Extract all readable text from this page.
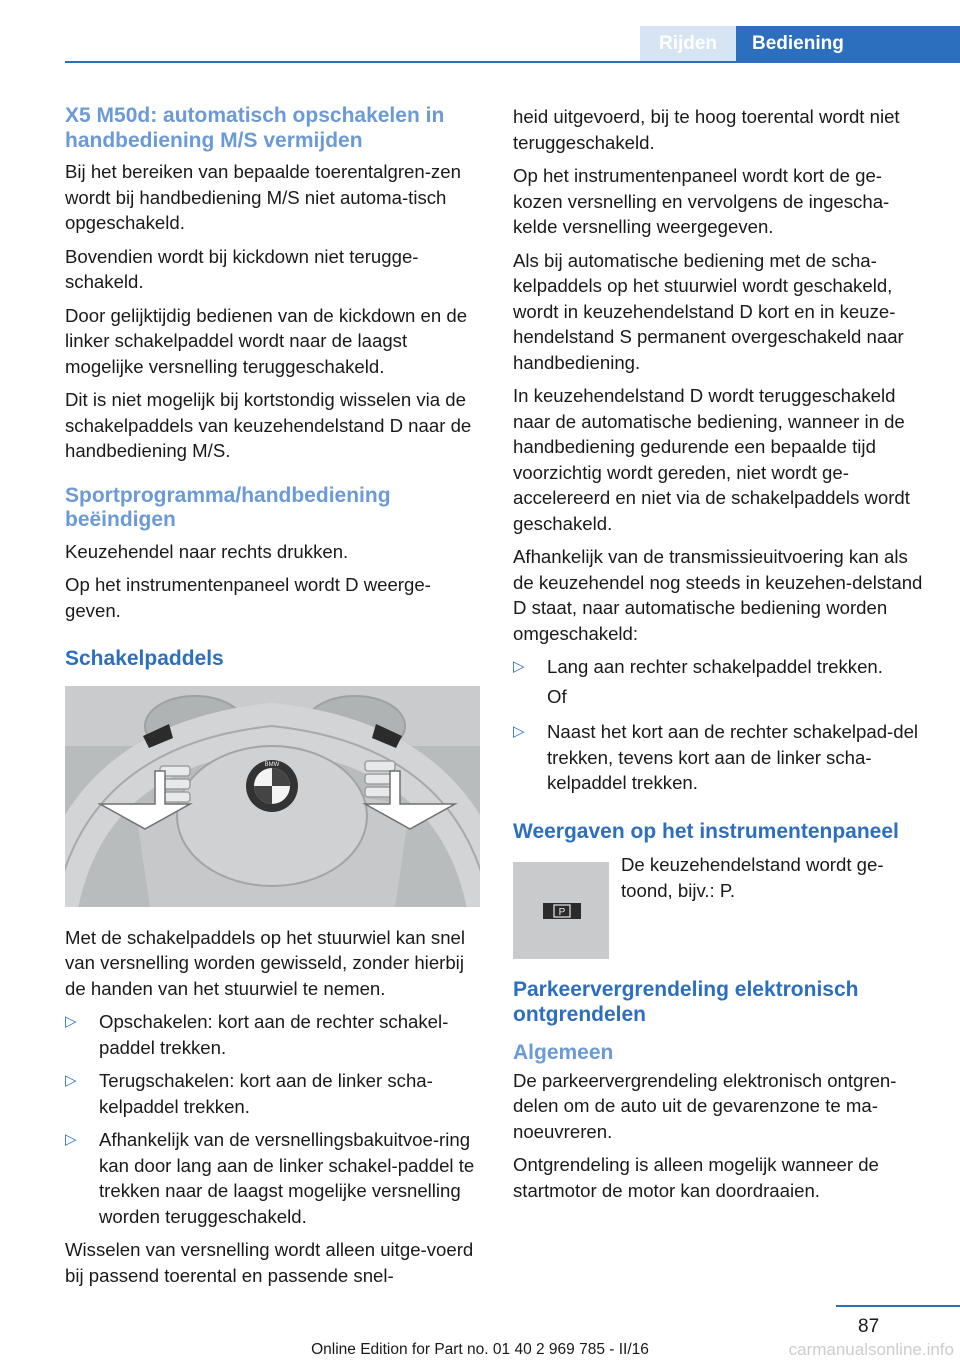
Rijden	Bediening
X5 M50d: automatisch opschakelen in handbediening M/S vermijden

Bij het bereiken van bepaalde toerentalgren‐zen wordt bij handbediening M/S niet automa‐tisch opgeschakeld.

Bovendien wordt bij kickdown niet terugge‐schakeld.

Door gelijktijdig bedienen van de kickdown en de linker schakelpaddel wordt naar de laagst mogelijke versnelling teruggeschakeld.

Dit is niet mogelijk bij kortstondig wisselen via de schakelpaddels van keuzehendelstand D naar de handbediening M/S.

Sportprogramma/handbediening beëindigen

Keuzehendel naar rechts drukken.

Op het instrumentenpaneel wordt D weerge‐geven.

Schakelpaddels
BMW

Met de schakelpaddels op het stuurwiel kan snel van versnelling worden gewisseld, zonder hierbij de handen van het stuurwiel te nemen.

▷ Opschakelen: kort aan de rechter schakel‐paddel trekken.
▷ Terugschakelen: kort aan de linker scha‐kelpaddel trekken.
▷ Afhankelijk van de versnellingsbakuitvoe‐ring kan door lang aan de linker schakel‐paddel te trekken naar de laagst mogelijke versnelling worden teruggeschakeld.

Wisselen van versnelling wordt alleen uitge‐voerd bij passend toerental en passende snel‐

heid uitgevoerd, bij te hoog toerental wordt niet teruggeschakeld.

Op het instrumentenpaneel wordt kort de ge‐kozen versnelling en vervolgens de ingescha‐kelde versnelling weergegeven.

Als bij automatische bediening met de scha‐kelpaddels op het stuurwiel wordt geschakeld, wordt in keuzehendelstand D kort en in keuze‐hendelstand S permanent overgeschakeld naar handbediening.

In keuzehendelstand D wordt teruggeschakeld naar de automatische bediening, wanneer in de handbediening gedurende een bepaalde tijd voorzichtig wordt gereden, niet wordt ge‐accelereerd en niet via de schakelpaddels wordt geschakeld.

Afhankelijk van de transmissieuitvoering kan als de keuzehendel nog steeds in keuzehen‐delstand D staat, naar automatische bediening worden omgeschakeld:

▷ Lang aan rechter schakelpaddel trekken.

Of

▷ Naast het kort aan de rechter schakelpad‐del trekken, tevens kort aan de linker scha‐kelpaddel trekken.
Weergaven op het instrumentenpaneel
P

De keuzehendelstand wordt ge‐toond, bijv.: P.

Parkeervergrendeling elektronisch ontgrendelen
Algemeen

De parkeervergrendeling elektronisch ontgren‐delen om de auto uit de gevarenzone te ma‐noeuvreren.

Ontgrendeling is alleen mogelijk wanneer de startmotor de motor kan doordraaien.

87
Online Edition for Part no. 01 40 2 969 785 - II/16	carmanualsonline.info
